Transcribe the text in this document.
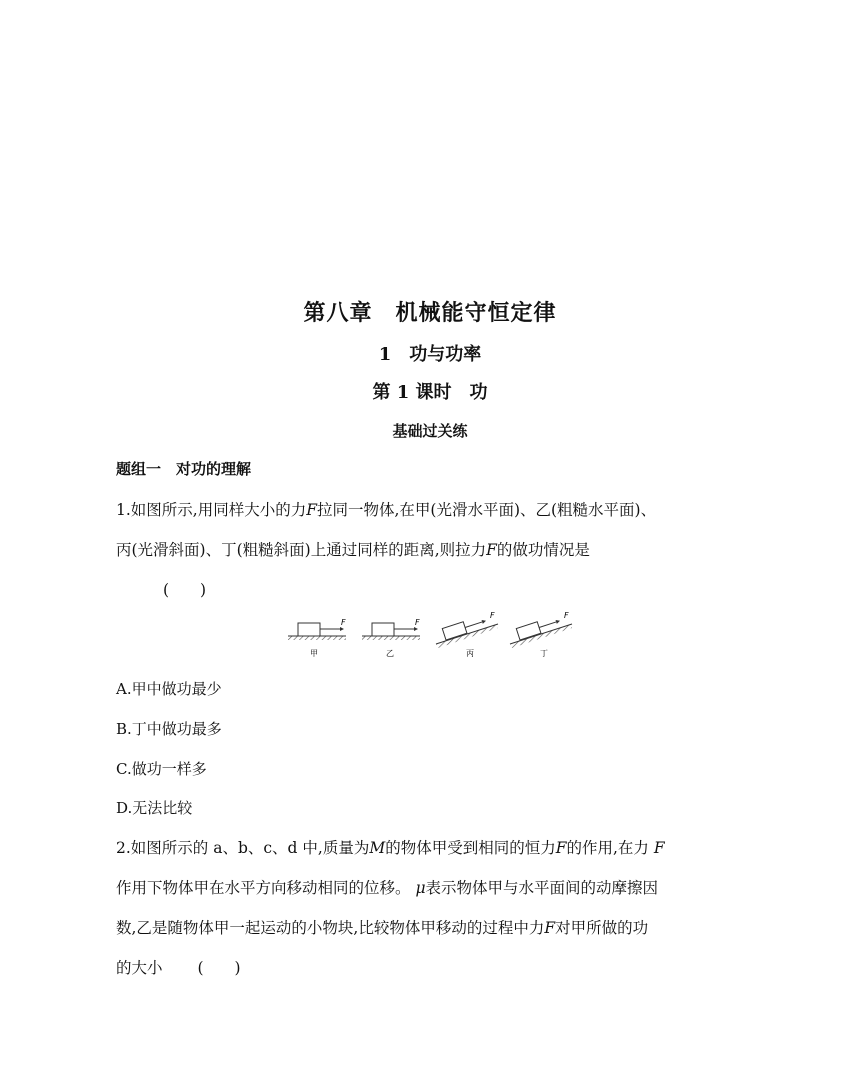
第八章　机械能守恒定律
1　功与功率
第 1 课时　功
基础过关练
题组一　对功的理解
1.如图所示,用同样大小的力F拉同一物体,在甲(光滑水平面)、乙(粗糙水平面)、
丙(光滑斜面)、丁(粗糙斜面)上通过同样的距离,则拉力F的做功情况是
(　　)
F
甲
F
乙
F
丙
F
丁
A.甲中做功最少
B.丁中做功最多
C.做功一样多
D.无法比较
2.如图所示的 a、b、c、d 中,质量为M的物体甲受到相同的恒力F的作用,在力 F
作用下物体甲在水平方向移动相同的位移。 μ表示物体甲与水平面间的动摩擦因
数,乙是随物体甲一起运动的小物块,比较物体甲移动的过程中力F对甲所做的功
的大小 (　　)
